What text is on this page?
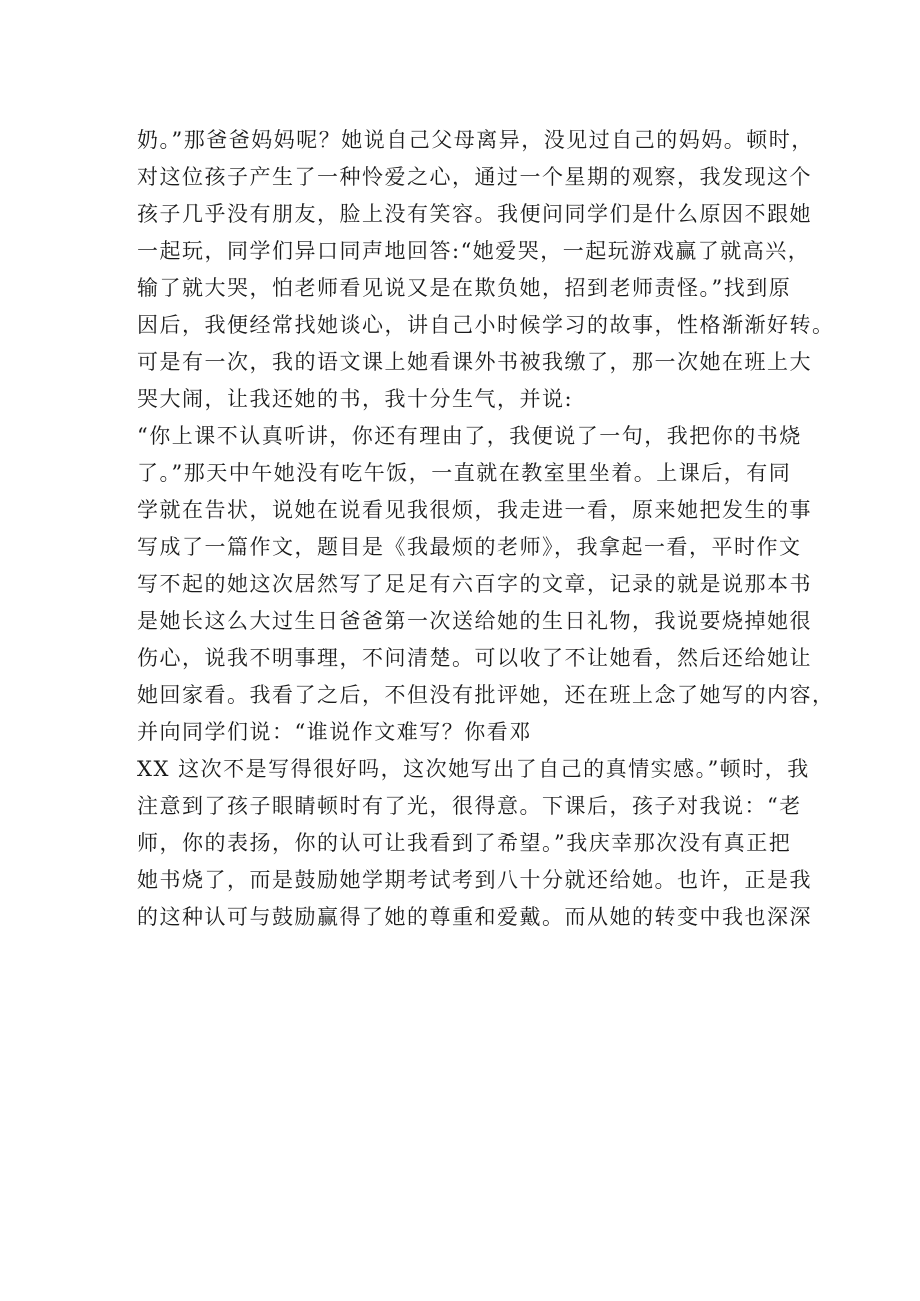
奶。”那爸爸妈妈呢？她说自己父母离异，没见过自己的妈妈。顿时，
对这位孩子产生了一种怜爱之心，通过一个星期的观察，我发现这个
孩子几乎没有朋友，脸上没有笑容。我便问同学们是什么原因不跟她
一起玩，同学们异口同声地回答:“她爱哭，一起玩游戏赢了就高兴，
输了就大哭，怕老师看见说又是在欺负她，招到老师责怪。”找到原
因后，我便经常找她谈心，讲自己小时候学习的故事，性格渐渐好转。
可是有一次，我的语文课上她看课外书被我缴了，那一次她在班上大
哭大闹，让我还她的书，我十分生气，并说:
“你上课不认真听讲，你还有理由了，我便说了一句，我把你的书烧
了。”那天中午她没有吃午饭，一直就在教室里坐着。上课后，有同
学就在告状，说她在说看见我很烦，我走进一看，原来她把发生的事
写成了一篇作文，题目是《我最烦的老师》，我拿起一看，平时作文
写不起的她这次居然写了足足有六百字的文章，记录的就是说那本书
是她长这么大过生日爸爸第一次送给她的生日礼物，我说要烧掉她很
伤心，说我不明事理，不问清楚。可以收了不让她看，然后还给她让
她回家看。我看了之后，不但没有批评她，还在班上念了她写的内容，
并向同学们说：“谁说作文难写？你看邓
XX 这次不是写得很好吗，这次她写出了自己的真情实感。”顿时，我
注意到了孩子眼睛顿时有了光，很得意。下课后，孩子对我说：“老
师，你的表扬，你的认可让我看到了希望。”我庆幸那次没有真正把
她书烧了，而是鼓励她学期考试考到八十分就还给她。也许，正是我
的这种认可与鼓励赢得了她的尊重和爱戴。而从她的转变中我也深深
